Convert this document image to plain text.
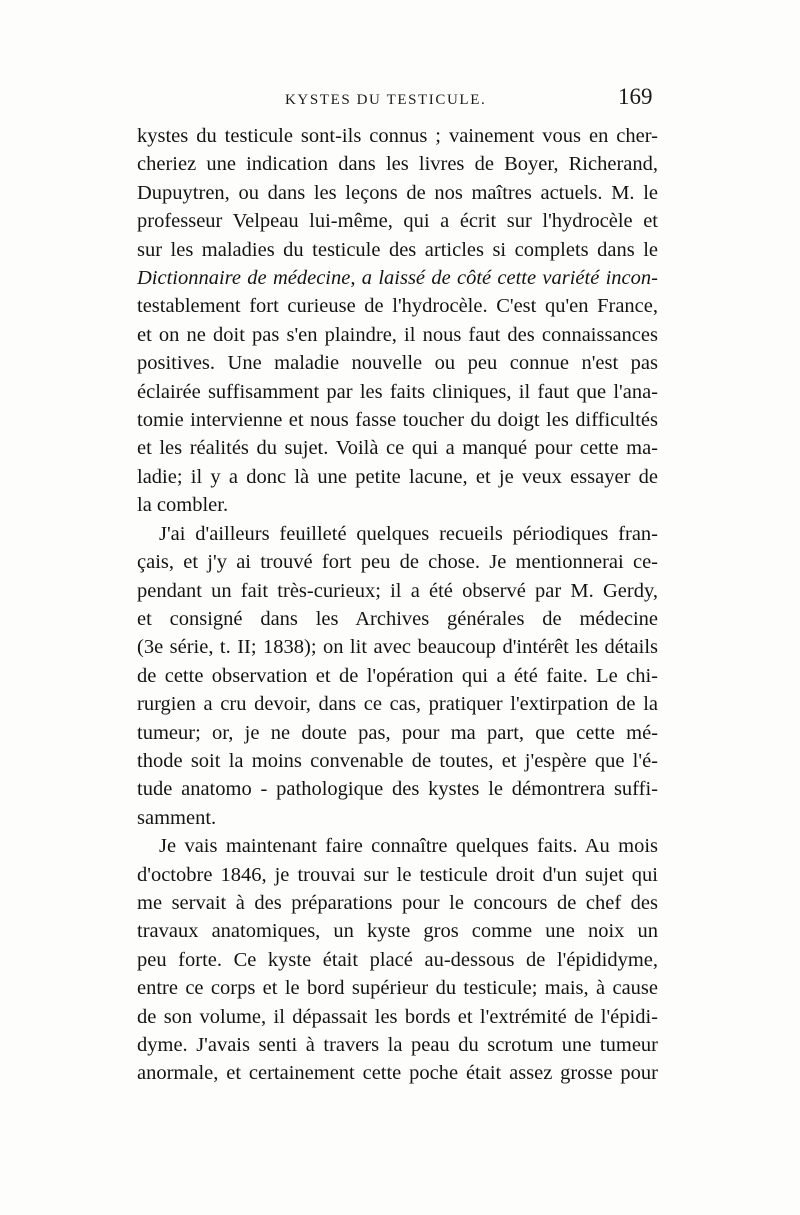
KYSTES DU TESTICULE.	169
kystes du testicule sont-ils connus ; vainement vous en cher-
cheriez une indication dans les livres de Boyer, Richerand,
Dupuytren, ou dans les leçons de nos maîtres actuels. M. le
professeur Velpeau lui-même, qui a écrit sur l'hydrocèle et
sur les maladies du testicule des articles si complets dans le
Dictionnaire de médecine, a laissé de côté cette variété incon-
testablement fort curieuse de l'hydrocèle. C'est qu'en France,
et on ne doit pas s'en plaindre, il nous faut des connaissances
positives. Une maladie nouvelle ou peu connue n'est pas
éclairée suffisamment par les faits cliniques, il faut que l'ana-
tomie intervienne et nous fasse toucher du doigt les difficultés
et les réalités du sujet. Voilà ce qui a manqué pour cette ma-
ladie; il y a donc là une petite lacune, et je veux essayer de
la combler.
J'ai d'ailleurs feuilleté quelques recueils périodiques fran-
çais, et j'y ai trouvé fort peu de chose. Je mentionnerai ce-
pendant un fait très-curieux; il a été observé par M. Gerdy,
et consigné dans les Archives générales de médecine
(3e série, t. II; 1838); on lit avec beaucoup d'intérêt les détails
de cette observation et de l'opération qui a été faite. Le chi-
rurgien a cru devoir, dans ce cas, pratiquer l'extirpation de la
tumeur; or, je ne doute pas, pour ma part, que cette mé-
thode soit la moins convenable de toutes, et j'espère que l'é-
tude anatomo - pathologique des kystes le démontrera suffi-
samment.
Je vais maintenant faire connaître quelques faits. Au mois
d'octobre 1846, je trouvai sur le testicule droit d'un sujet qui
me servait à des préparations pour le concours de chef des
travaux anatomiques, un kyste gros comme une noix un
peu forte. Ce kyste était placé au-dessous de l'épididyme,
entre ce corps et le bord supérieur du testicule; mais, à cause
de son volume, il dépassait les bords et l'extrémité de l'épidi-
dyme. J'avais senti à travers la peau du scrotum une tumeur
anormale, et certainement cette poche était assez grosse pour
